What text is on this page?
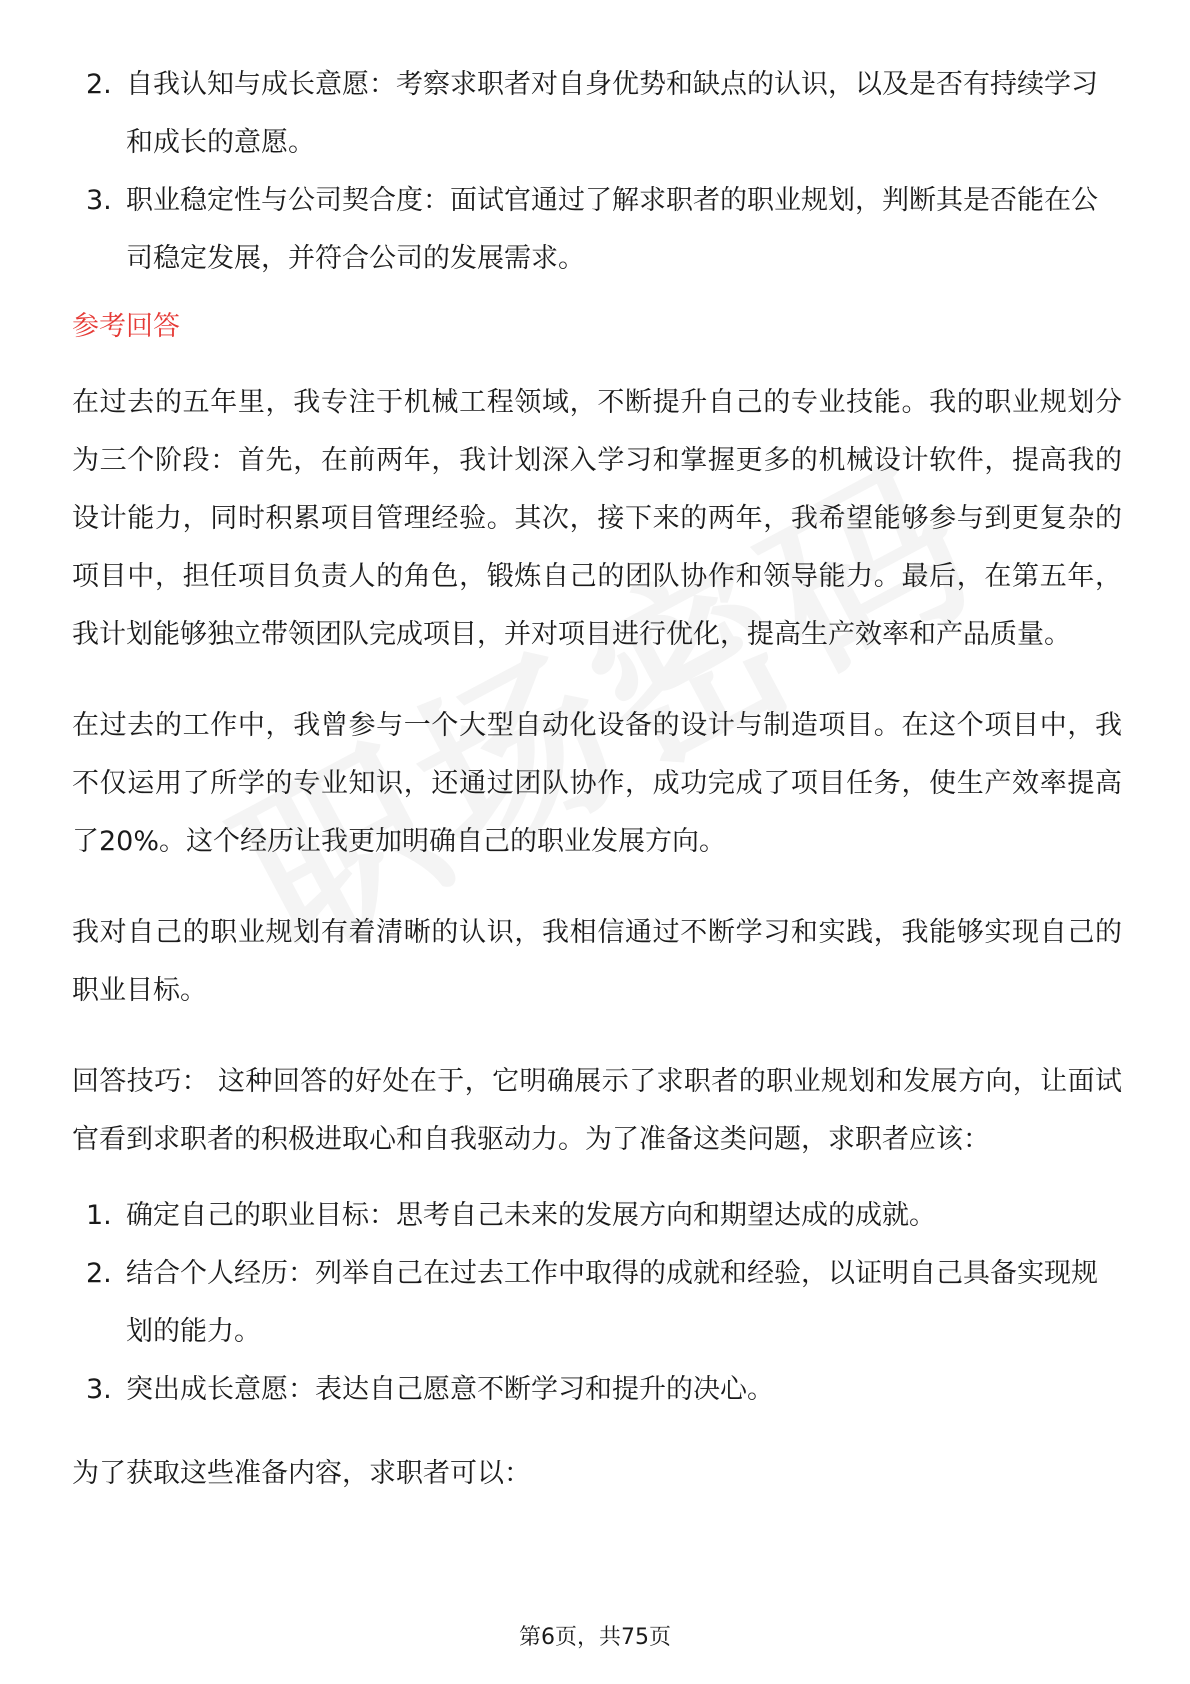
2. 自我认知与成长意愿：考察求职者对自身优势和缺点的认识，以及是否有持续学习和成长的意愿。
3. 职业稳定性与公司契合度：面试官通过了解求职者的职业规划，判断其是否能在公司稳定发展，并符合公司的发展需求。
参考回答

在过去的五年里，我专注于机械工程领域，不断提升自己的专业技能。我的职业规划分为三个阶段：首先，在前两年，我计划深入学习和掌握更多的机械设计软件，提高我的设计能力，同时积累项目管理经验。其次，接下来的两年，我希望能够参与到更复杂的项目中，担任项目负责人的角色，锻炼自己的团队协作和领导能力。最后，在第五年，我计划能够独立带领团队完成项目，并对项目进行优化，提高生产效率和产品质量。

在过去的工作中，我曾参与一个大型自动化设备的设计与制造项目。在这个项目中，我不仅运用了所学的专业知识，还通过团队协作，成功完成了项目任务，使生产效率提高了20%。这个经历让我更加明确自己的职业发展方向。

我对自己的职业规划有着清晰的认识，我相信通过不断学习和实践，我能够实现自己的职业目标。

回答技巧： 这种回答的好处在于，它明确展示了求职者的职业规划和发展方向，让面试官看到求职者的积极进取心和自我驱动力。为了准备这类问题，求职者应该：

1. 确定自己的职业目标：思考自己未来的发展方向和期望达成的成就。
2. 结合个人经历：列举自己在过去工作中取得的成就和经验，以证明自己具备实现规划的能力。
3. 突出成长意愿：表达自己愿意不断学习和提升的决心。

为了获取这些准备内容，求职者可以：

第6页，共75页
